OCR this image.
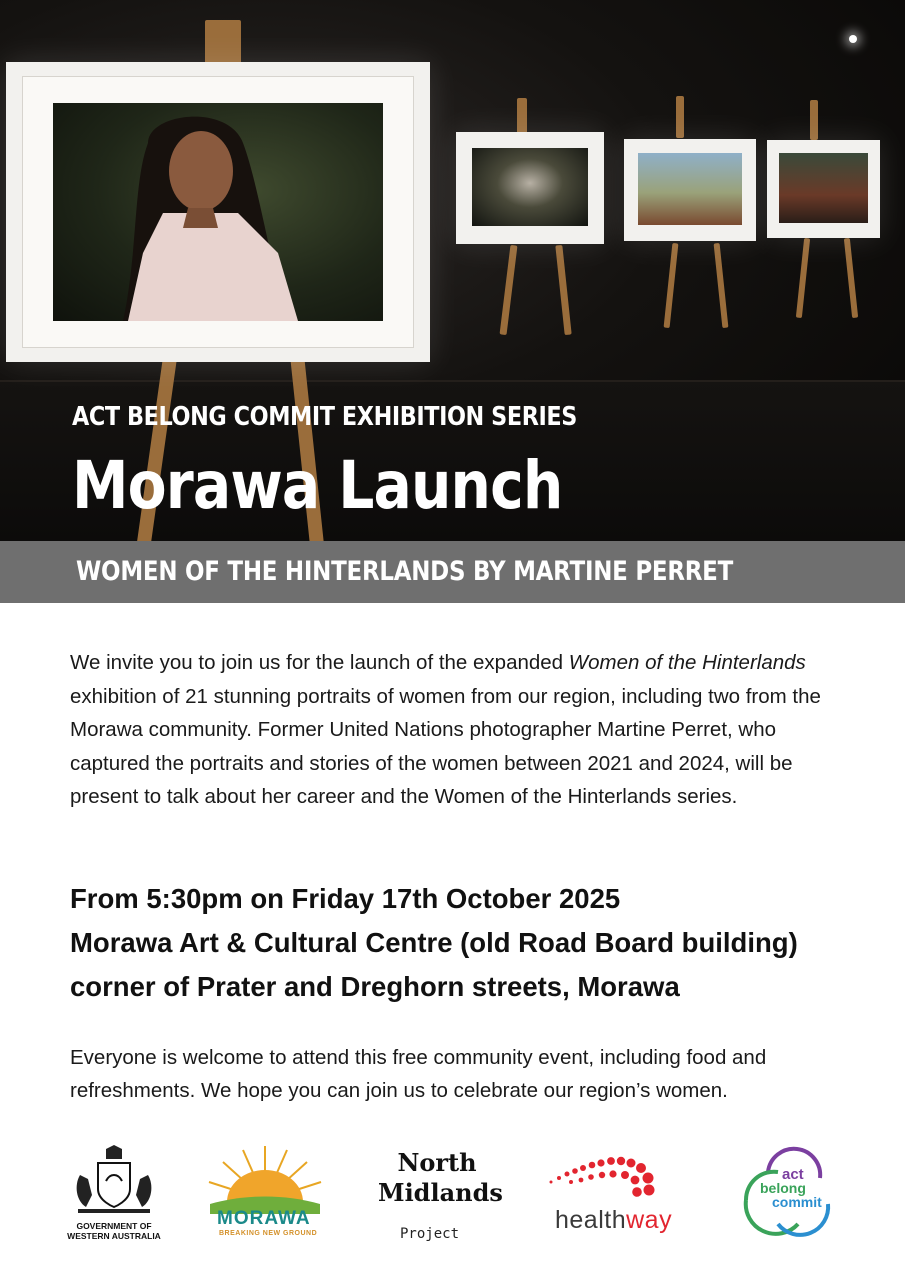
ACT BELONG COMMIT EXHIBITION SERIES
Morawa Launch
WOMEN OF THE HINTERLANDS BY MARTINE PERRET
We invite you to join us for the launch of the expanded Women of the Hinterlands exhibition of 21 stunning portraits of women from our region, including two from the Morawa community. Former United Nations photographer Martine Perret, who captured the portraits and stories of the women between 2021 and 2024, will be present to talk about her career and the Women of the Hinterlands series.
From 5:30pm on Friday 17th October 2025
Morawa Art & Cultural Centre (old Road Board building)
corner of Prater and Dreghorn streets, Morawa
Everyone is welcome to attend this free community event, including food and refreshments. We hope you can join us to celebrate our region’s women.
GOVERNMENT OF
WESTERN AUSTRALIA
MORAWA
BREAKING NEW GROUND
North
Midlands
Project	healthway
act
belong
commit
